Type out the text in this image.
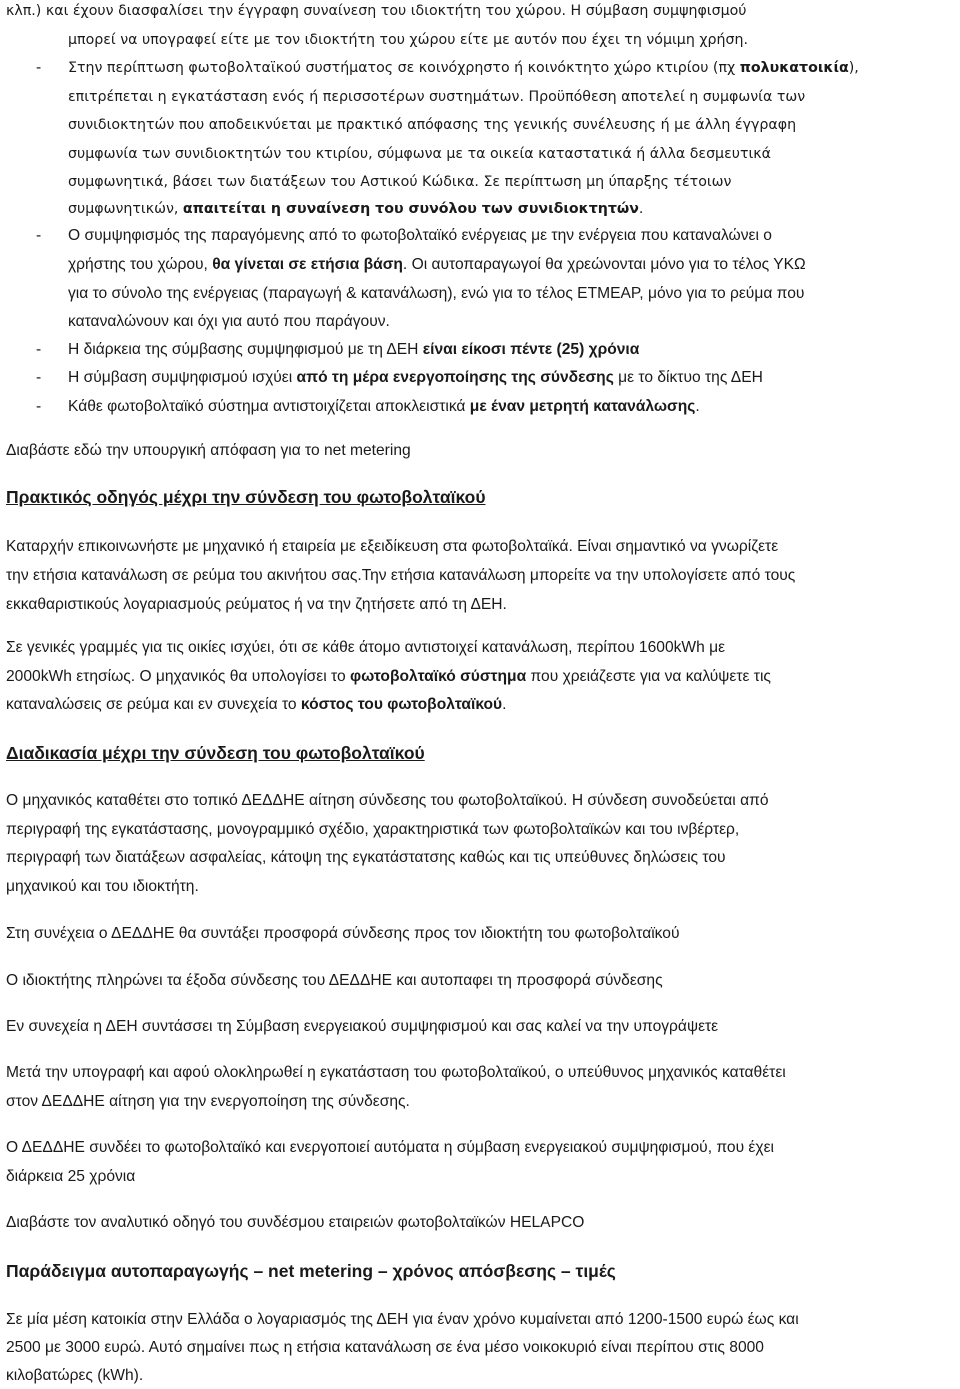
κλπ.) και έχουν διασφαλίσει την έγγραφη συναίνεση του ιδιοκτήτη του χώρου. Η σύμβαση συμψηφισμού
μπορεί να υπογραφεί είτε με τον ιδιοκτήτη του χώρου είτε με αυτόν που έχει τη νόμιμη χρήση.
- Στην περίπτωση φωτοβολταϊκού συστήματος σε κοινόχρηστο ή κοινόκτητο χώρο κτιρίου (πχ πολυκατοικία),
επιτρέπεται η εγκατάσταση ενός ή περισσοτέρων συστημάτων. Προϋπόθεση αποτελεί η συμφωνία των
συνιδιοκτητών που αποδεικνύεται με πρακτικό απόφασης της γενικής συνέλευσης ή με άλλη έγγραφη
συμφωνία των συνιδιοκτητών του κτιρίου, σύμφωνα με τα οικεία καταστατικά ή άλλα δεσμευτικά
συμφωνητικά, βάσει των διατάξεων του Αστικού Κώδικα. Σε περίπτωση μη ύπαρξης τέτοιων
συμφωνητικών, απαιτείται η συναίνεση του συνόλου των συνιδιοκτητών.
- Ο συμψηφισμός της παραγόμενης από το φωτοβολταϊκό ενέργειας με την ενέργεια που καταναλώνει ο
χρήστης του χώρου, θα γίνεται σε ετήσια βάση. Οι αυτοπαραγωγοί θα χρεώνονται μόνο για το τέλος ΥΚΩ
για το σύνολο της ενέργειας (παραγωγή & κατανάλωση), ενώ για το τέλος ΕΤΜΕΑΡ, μόνο για το ρεύμα που
καταναλώνουν και όχι για αυτό που παράγουν.
- Η διάρκεια της σύμβασης συμψηφισμού με τη ΔΕΗ είναι είκοσι πέντε (25) χρόνια
- Η σύμβαση συμψηφισμού ισχύει από τη μέρα ενεργοποίησης της σύνδεσης με το δίκτυο της ΔΕΗ
- Κάθε φωτοβολταϊκό σύστημα αντιστοιχίζεται αποκλειστικά με έναν μετρητή κατανάλωσης.
Διαβάστε εδώ την υπουργική απόφαση για το net metering
Πρακτικός οδηγός μέχρι την σύνδεση του φωτοβολταϊκού
Καταρχήν επικοινωνήστε με μηχανικό ή εταιρεία με εξειδίκευση στα φωτοβολταϊκά. Είναι σημαντικό να γνωρίζετε
την ετήσια κατανάλωση σε ρεύμα του ακινήτου σας.Την ετήσια κατανάλωση μπορείτε να την υπολογίσετε από τους
εκκαθαριστικούς λογαριασμούς ρεύματος ή να την ζητήσετε από τη ΔΕΗ.
Σε γενικές γραμμές για τις οικίες ισχύει, ότι σε κάθε άτομο αντιστοιχεί κατανάλωση, περίπου 1600kWh με
2000kWh ετησίως. Ο μηχανικός θα υπολογίσει το φωτοβολταϊκό σύστημα που χρειάζεστε για να καλύψετε τις
καταναλώσεις σε ρεύμα και εν συνεχεία το κόστος του φωτοβολταϊκού.
Διαδικασία μέχρι την σύνδεση του φωτοβολταϊκού
Ο μηχανικός καταθέτει στο τοπικό ΔΕΔΔΗΕ αίτηση σύνδεσης του φωτοβολταϊκού. Η σύνδεση συνοδεύεται από
περιγραφή της εγκατάστασης, μονογραμμικό σχέδιο, χαρακτηριστικά των φωτοβολταϊκών και του ινβέρτερ,
περιγραφή των διατάξεων ασφαλείας, κάτοψη της εγκατάστατσης καθώς και τις υπεύθυνες δηλώσεις του
μηχανικού και του ιδιοκτήτη.
Στη συνέχεια ο ΔΕΔΔΗΕ θα συντάξει προσφορά σύνδεσης προς τον ιδιοκτήτη του φωτοβολταϊκού
Ο ιδιοκτήτης πληρώνει τα έξοδα σύνδεσης του ΔΕΔΔΗΕ και αυτοπαφει τη προσφορά σύνδεσης
Εν συνεχεία η ΔΕΗ συντάσσει τη Σύμβαση ενεργειακού συμψηφισμού και σας καλεί να την υπογράψετε
Μετά την υπογραφή και αφού ολοκληρωθεί η εγκατάσταση του φωτοβολταϊκού, ο υπεύθυνος μηχανικός καταθέτει
στον ΔΕΔΔΗΕ αίτηση για την ενεργοποίηση της σύνδεσης.
Ο ΔΕΔΔΗΕ συνδέει το φωτοβολταϊκό και ενεργοποιεί αυτόματα η σύμβαση ενεργειακού συμψηφισμού, που έχει
διάρκεια 25 χρόνια
Διαβάστε τον αναλυτικό οδηγό του συνδέσμου εταιρειών φωτοβολταϊκών HELAPCO
Παράδειγμα αυτοπαραγωγής – net metering – χρόνος απόσβεσης – τιμές
Σε μία μέση κατοικία στην Ελλάδα ο λογαριασμός της ΔΕΗ για έναν χρόνο κυμαίνεται από 1200-1500 ευρώ έως και
2500 με 3000 ευρώ. Αυτό σημαίνει πως η ετήσια κατανάλωση σε ένα μέσο νοικοκυριό είναι περίπου στις 8000
κιλοβατώρες (kWh).
